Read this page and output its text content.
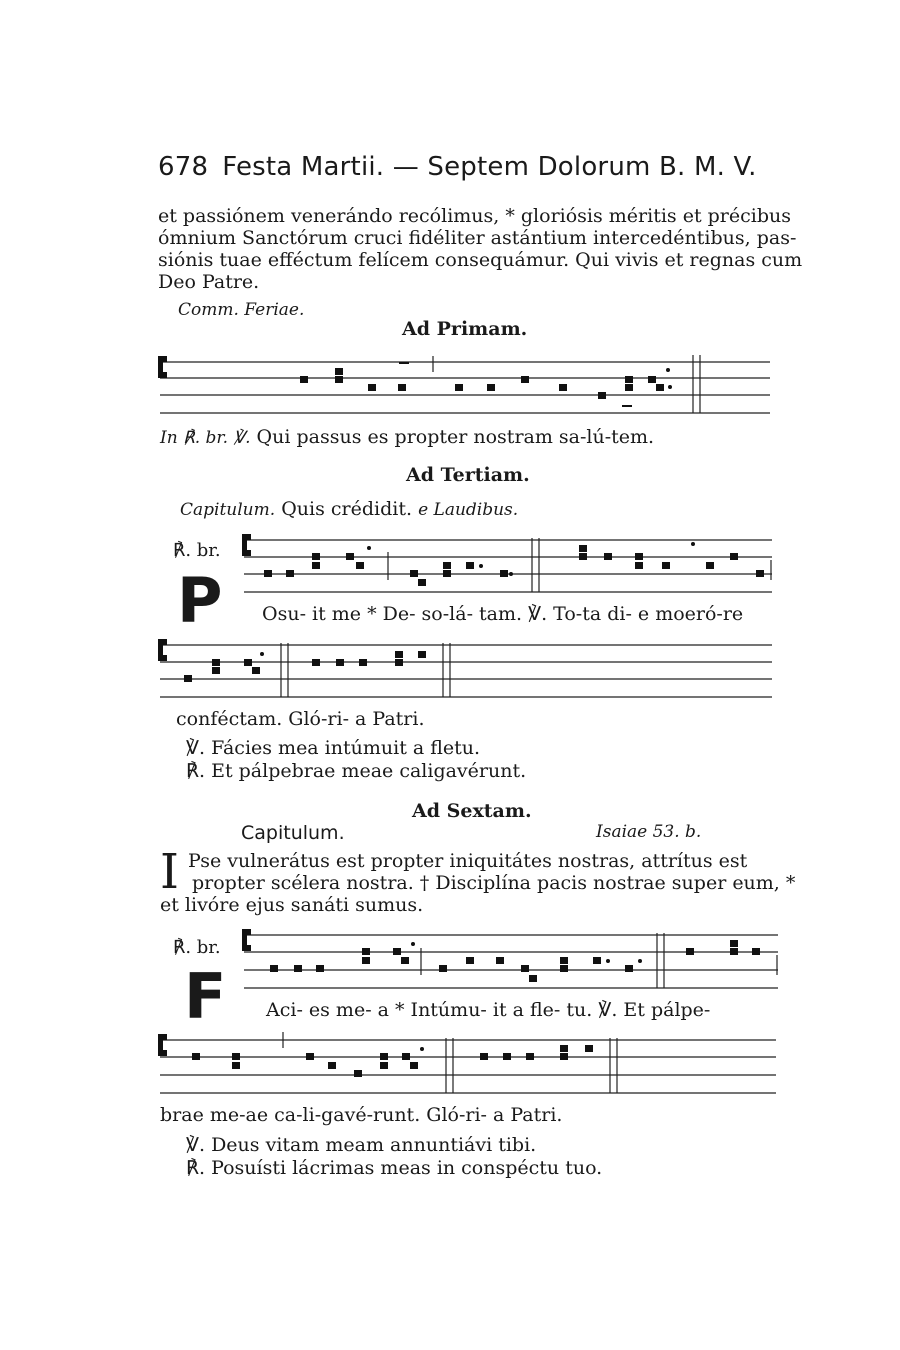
678 Festa Martii. — Septem Dolorum B. M. V.
et passiónem venerándo recólimus, * gloriósis méritis et précibus
ómnium Sanctórum cruci fidéliter astántium intercedéntibus, pas-
siónis tuae efféctum felícem consequámur. Qui vivis et regnas cum
Deo Patre.
Comm. Feriae.
Ad Primam.
In ℟. br. ℣. Qui passus es propter nostram sa-lú-tem.
Ad Tertiam.
Capitulum. Quis crédidit. e Laudibus.
℟. br.
P Osu- it me * De- so-lá- tam. ℣. To-ta di- e moeró-re
conféctam. Gló-ri- a Patri.
℣. Fácies mea intúmuit a fletu.
℟. Et pálpebrae meae caligavérunt.
Ad Sextam.
Capitulum.	Isaiae 53. b.
I Pse vulnerátus est propter iniquitátes nostras, attrítus est
propter scélera nostra. † Disciplína pacis nostrae super eum, *
et livóre ejus sanáti sumus.
℟. br.
F Aci- es me- a * Intúmu- it a fle- tu. ℣. Et pálpe-
brae me-ae ca-li-gavé-runt. Gló-ri- a Patri.
℣. Deus vitam meam annuntiávi tibi.
℟. Posuísti lácrimas meas in conspéctu tuo.
